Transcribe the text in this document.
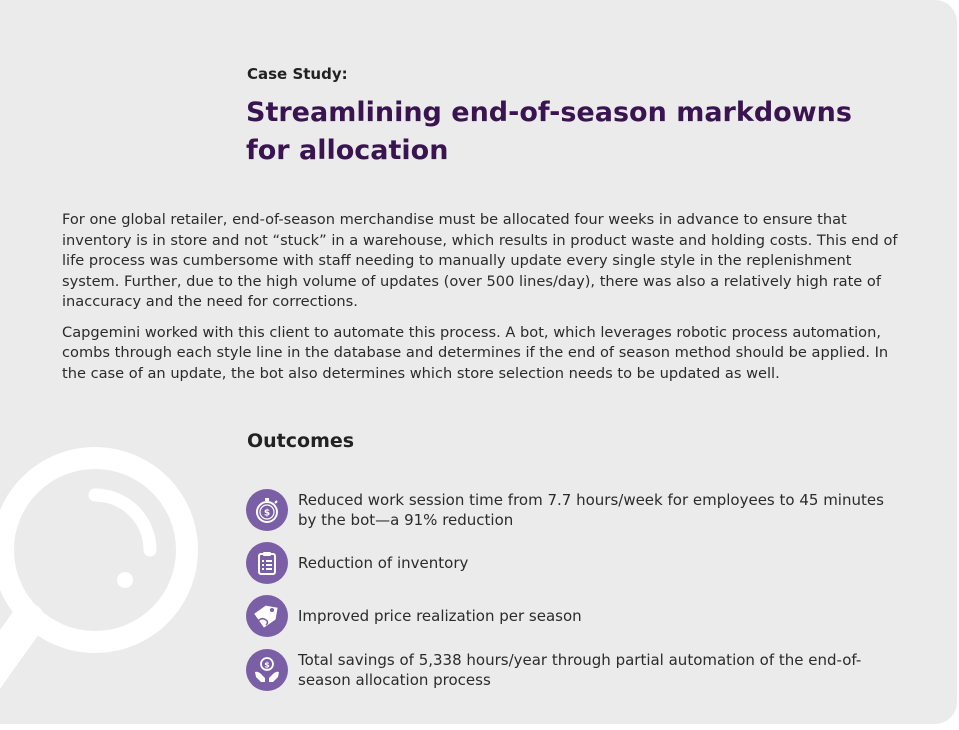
Case Study:
Streamlining end-of-season markdowns for allocation

For one global retailer, end-of-season merchandise must be allocated four weeks in advance to ensure that inventory is in store and not “stuck” in a warehouse, which results in product waste and holding costs. This end of life process was cumbersome with staff needing to manually update every single style in the replenishment system. Further, due to the high volume of updates (over 500 lines/day), there was also a relatively high rate of inaccuracy and the need for corrections.

Capgemini worked with this client to automate this process. A bot, which leverages robotic process automation, combs through each style line in the database and determines if the end of season method should be applied. In the case of an update, the bot also determines which store selection needs to be updated as well.

Outcomes
$
Reduced work session time from 7.7 hours/week for employees to 45 minutes by the bot—a 91% reduction
Reduction of inventory
Improved price realization per season
$ Total savings of 5,338 hours/year through partial automation of the end-of-season allocation process
